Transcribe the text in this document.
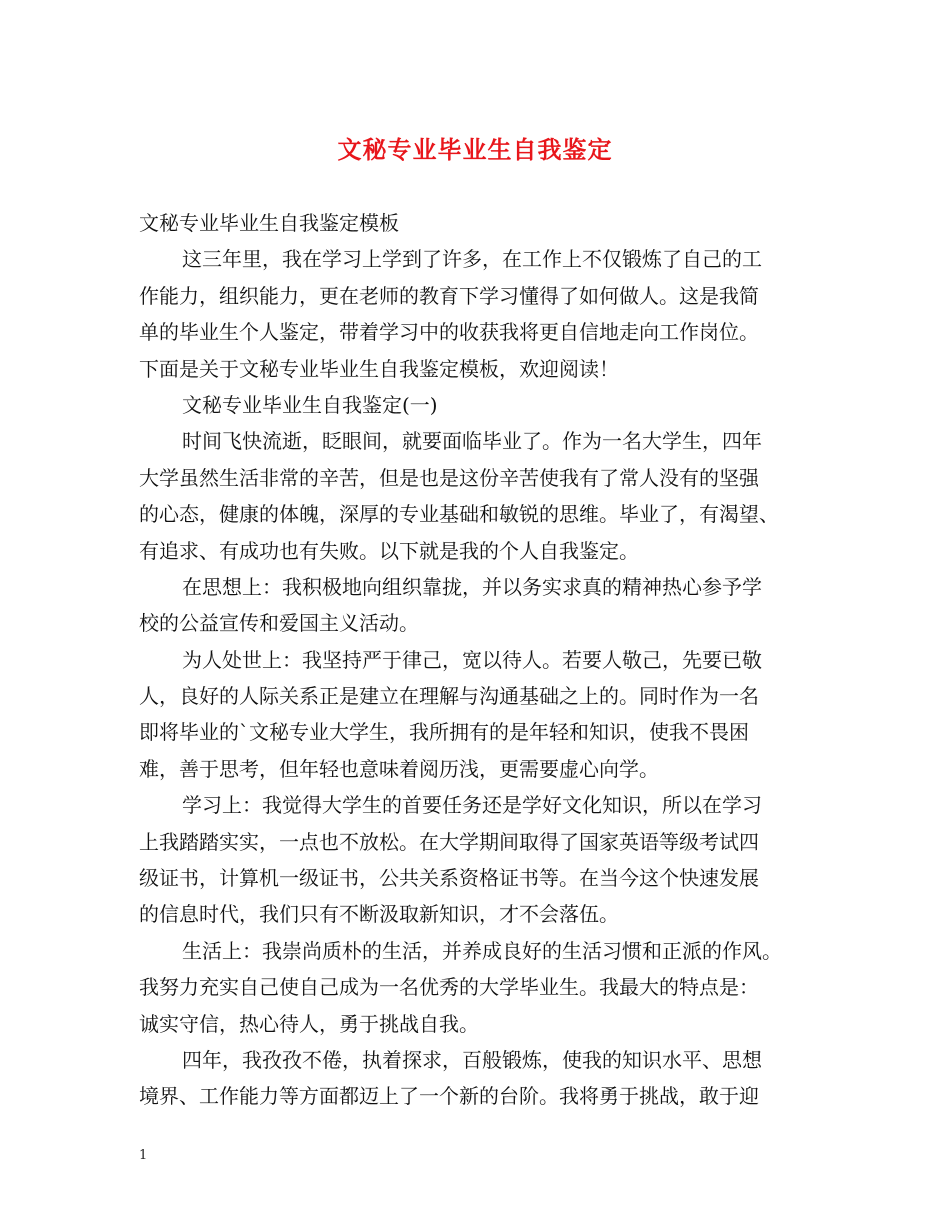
文秘专业毕业生自我鉴定
文秘专业毕业生自我鉴定模板
这三年里，我在学习上学到了许多，在工作上不仅锻炼了自己的工
作能力，组织能力，更在老师的教育下学习懂得了如何做人。这是我简
单的毕业生个人鉴定，带着学习中的收获我将更自信地走向工作岗位。
下面是关于文秘专业毕业生自我鉴定模板，欢迎阅读！
文秘专业毕业生自我鉴定(一)
时间飞快流逝，眨眼间，就要面临毕业了。作为一名大学生，四年
大学虽然生活非常的辛苦，但是也是这份辛苦使我有了常人没有的坚强
的心态，健康的体魄，深厚的专业基础和敏锐的思维。毕业了，有渴望、
有追求、有成功也有失败。以下就是我的个人自我鉴定。
在思想上：我积极地向组织靠拢，并以务实求真的精神热心参予学
校的公益宣传和爱国主义活动。
为人处世上：我坚持严于律己，宽以待人。若要人敬己，先要已敬
人，良好的人际关系正是建立在理解与沟通基础之上的。同时作为一名
即将毕业的`文秘专业大学生，我所拥有的是年轻和知识，使我不畏困
难，善于思考，但年轻也意味着阅历浅，更需要虚心向学。
学习上：我觉得大学生的首要任务还是学好文化知识，所以在学习
上我踏踏实实，一点也不放松。在大学期间取得了国家英语等级考试四
级证书，计算机一级证书，公共关系资格证书等。在当今这个快速发展
的信息时代，我们只有不断汲取新知识，才不会落伍。
生活上：我崇尚质朴的生活，并养成良好的生活习惯和正派的作风。
我努力充实自己使自己成为一名优秀的大学毕业生。我最大的特点是：
诚实守信，热心待人，勇于挑战自我。
四年，我孜孜不倦，执着探求，百般锻炼，使我的知识水平、思想
境界、工作能力等方面都迈上了一个新的台阶。我将勇于挑战，敢于迎
1
